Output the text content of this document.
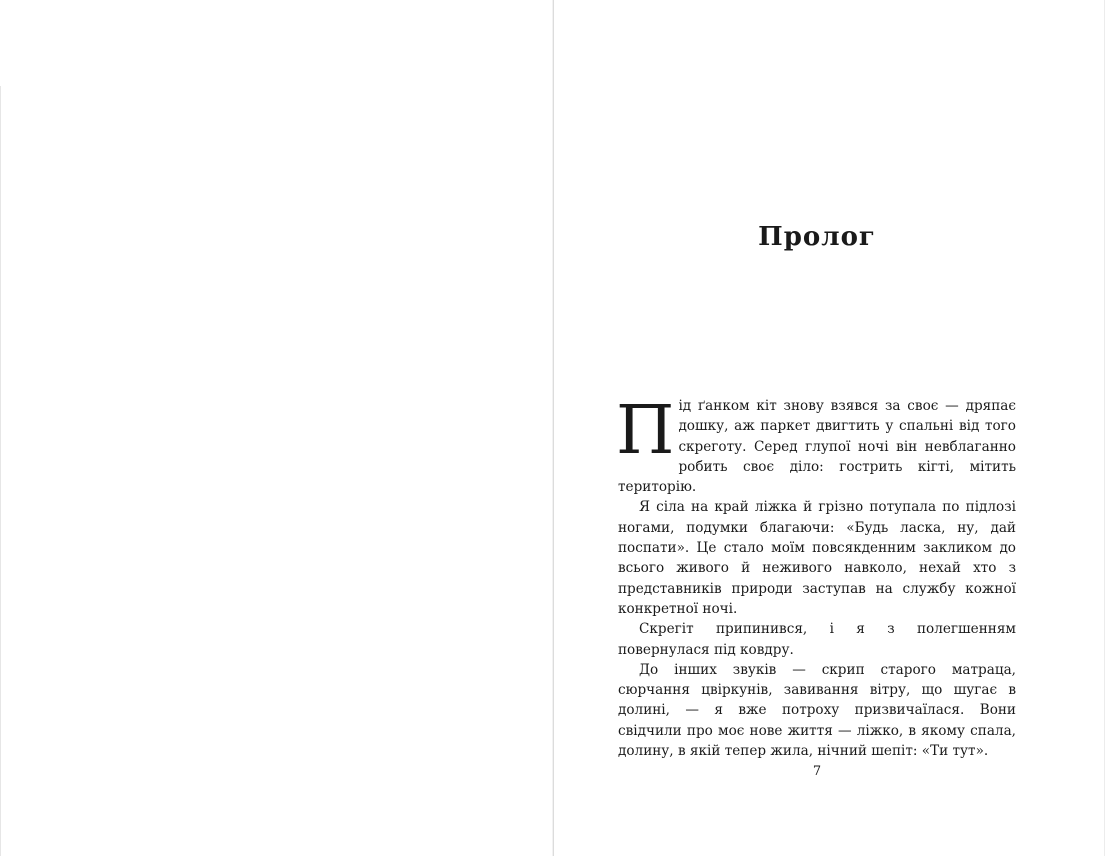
Пролог

Під ґанком кіт знову взявся за своє — дряпає дошку, аж паркет двигтить у спальні від того скреготу. Серед глупої ночі він невблаганно робить своє діло: гострить кігті, мітить територію.

Я сіла на край ліжка й грізно потупала по підлозі ногами, подумки благаючи: «Будь ласка, ну, дай поспати». Це стало моїм повсякденним закликом до всього живого й неживого навколо, нехай хто з представників природи заступав на службу кожної конкретної ночі.

Скрегіт припинився, і я з полегшенням повернулася під ковдру.

До інших звуків — скрип старого матраца, сюрчання цвіркунів, завивання вітру, що шугає в долині, — я вже потроху призвичаїлася. Вони свідчили про моє нове життя — ліжко, в якому спала, долину, в якій тепер жила, нічний шепіт: «Ти тут».

7
